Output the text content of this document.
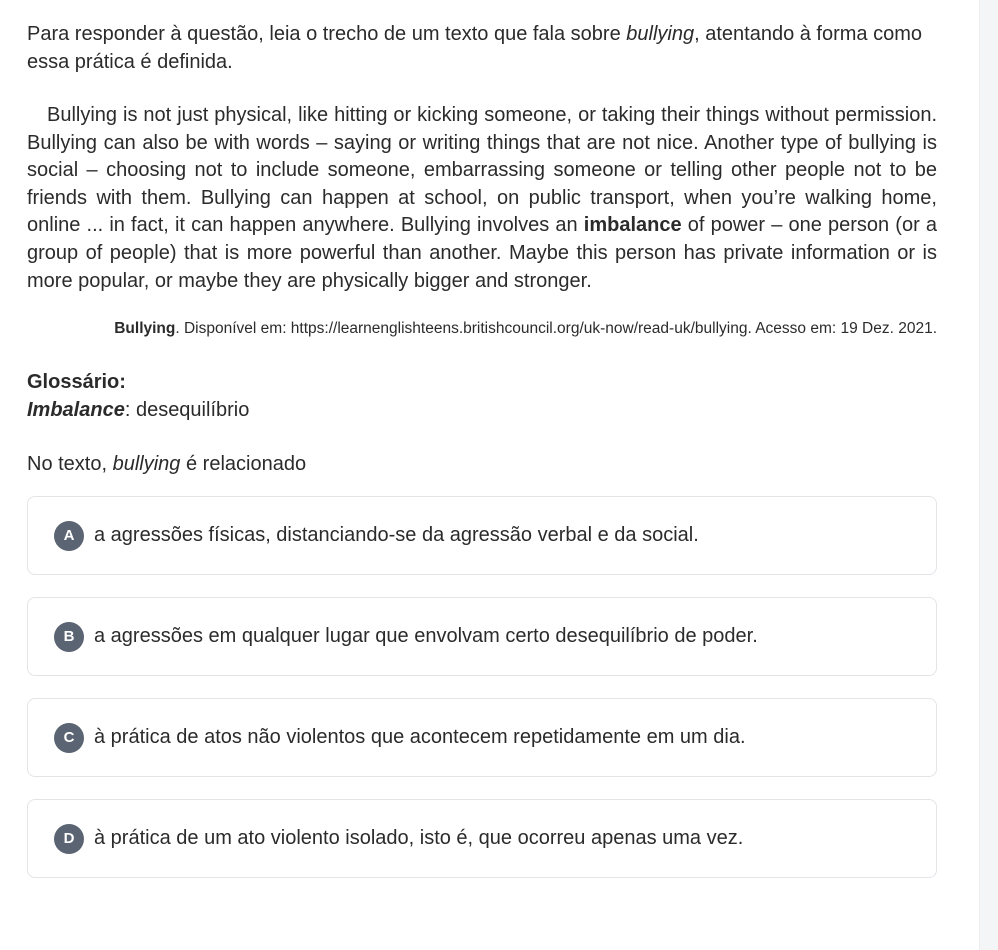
Para responder à questão, leia o trecho de um texto que fala sobre bullying, atentando à forma como essa prática é definida.

Bullying is not just physical, like hitting or kicking someone, or taking their things without permission. Bullying can also be with words – saying or writing things that are not nice. Another type of bullying is social – choosing not to include someone, embarrassing someone or telling other people not to be friends with them. Bullying can happen at school, on public transport, when you’re walking home, online ... in fact, it can happen anywhere. Bullying involves an imbalance of power – one person (or a group of people) that is more powerful than another. Maybe this person has private information or is more popular, or maybe they are physically bigger and stronger.

Bullying. Disponível em: https://learnenglishteens.britishcouncil.org/uk-now/read-uk/bullying. Acesso em: 19 Dez. 2021.

Glossário:

Imbalance: desequilíbrio

No texto, bullying é relacionado

A a agressões físicas, distanciando-se da agressão verbal e da social.
B a agressões em qualquer lugar que envolvam certo desequilíbrio de poder.
C à prática de atos não violentos que acontecem repetidamente em um dia.
D à prática de um ato violento isolado, isto é, que ocorreu apenas uma vez.
